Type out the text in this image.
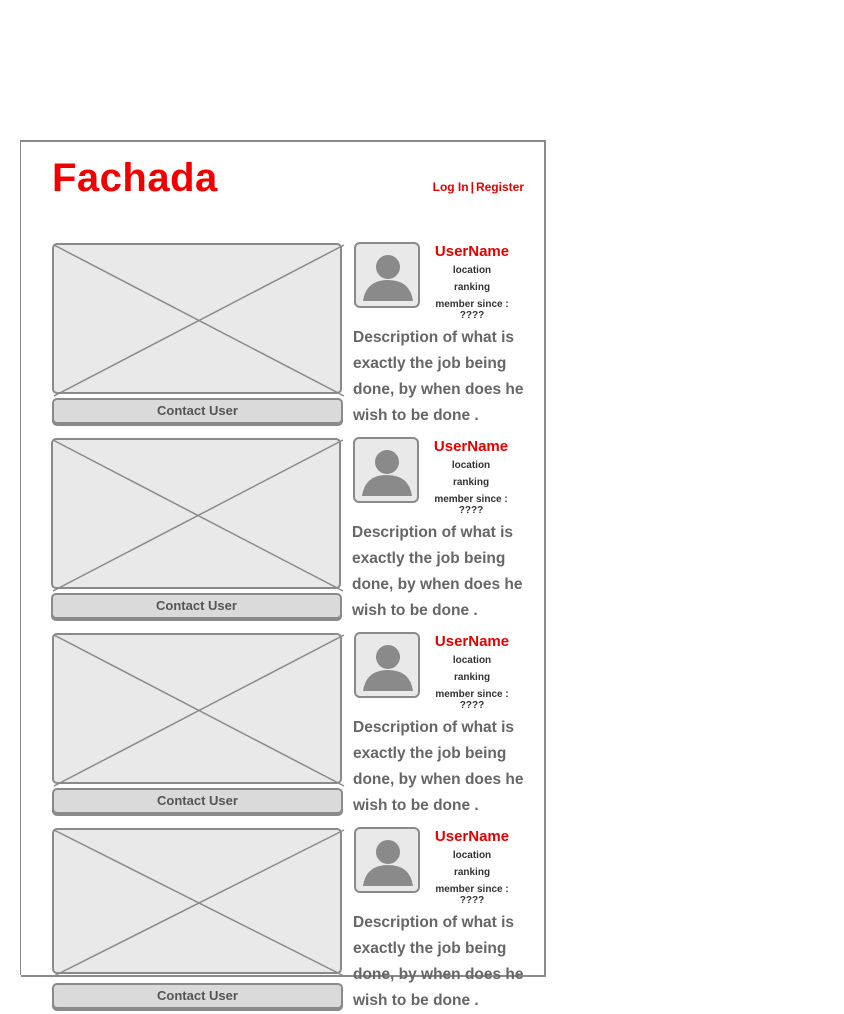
Fachada	Log In | Register
Contact User
UserName
location
ranking
member since : ????
Description of what is exactly the job being done, by when does he wish to be done .
Contact User
UserName
location
ranking
member since : ????
Description of what is exactly the job being done, by when does he wish to be done .
Contact User
UserName
location
ranking
member since : ????
Description of what is exactly the job being done, by when does he wish to be done .
Contact User
UserName
location
ranking
member since : ????
Description of what is exactly the job being done, by when does he wish to be done .
